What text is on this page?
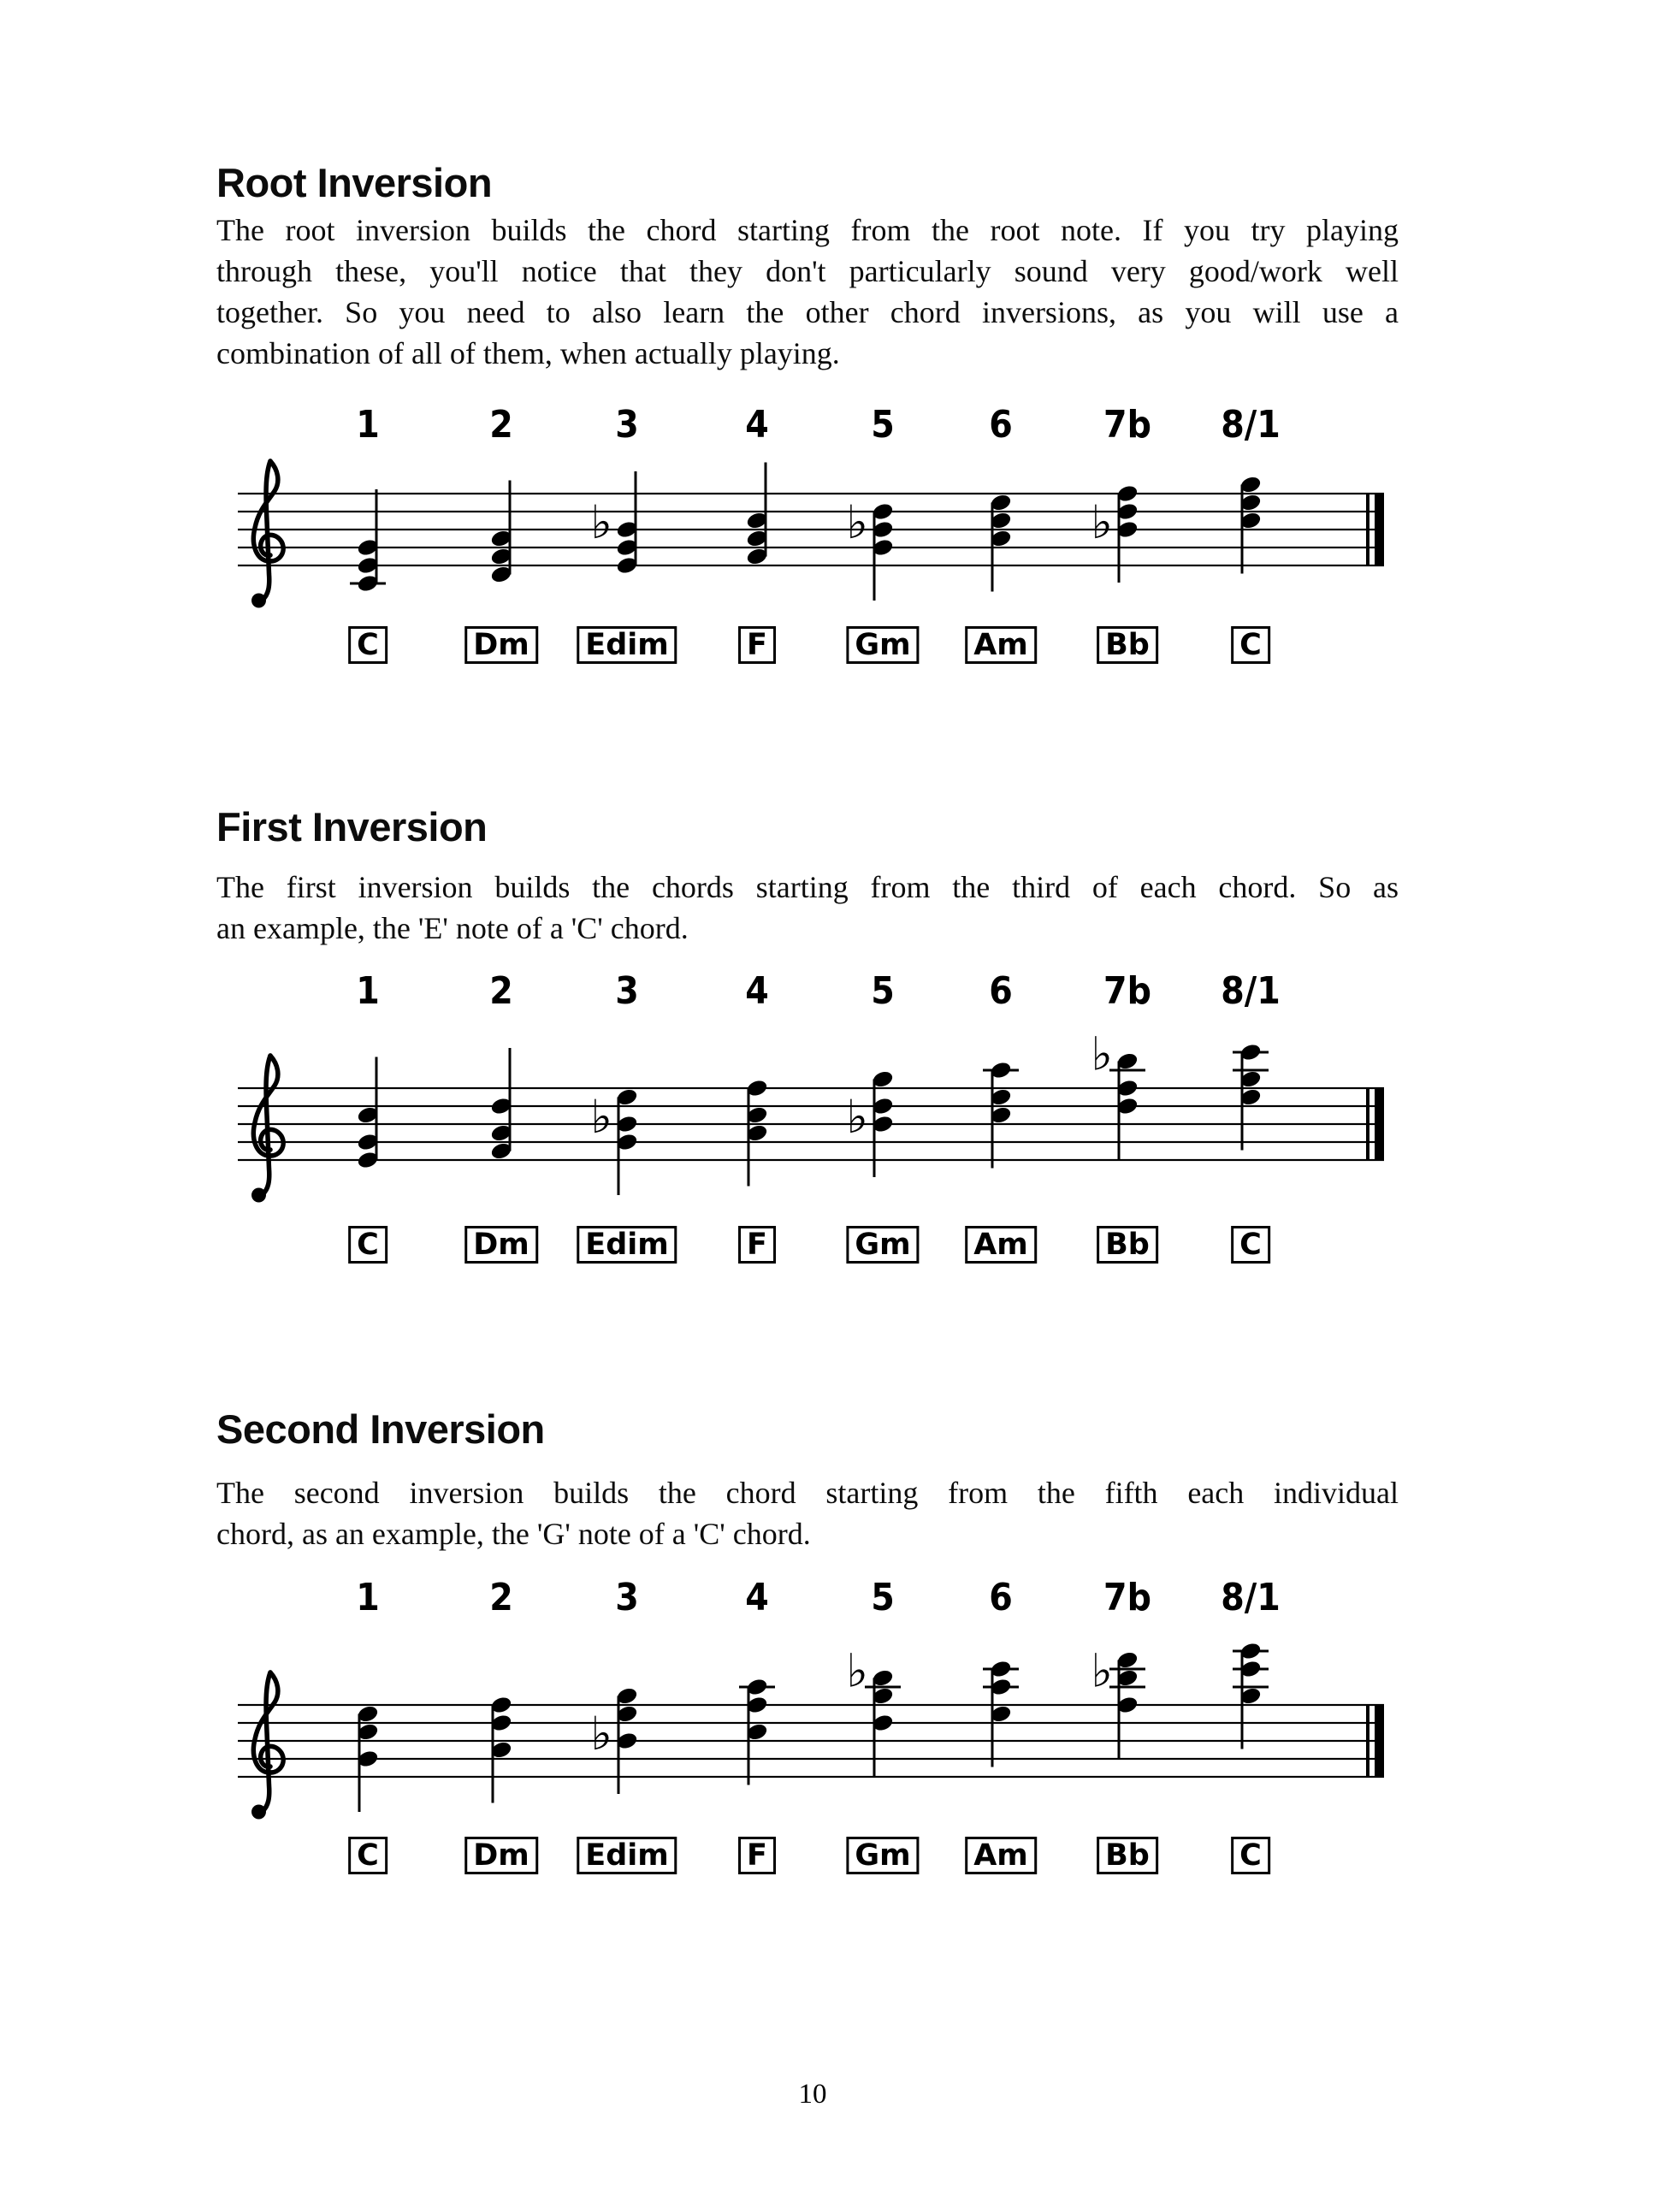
Root Inversion
The root inversion builds the chord starting from the root note. If you try playing
through these, you'll notice that they don't particularly sound very good/work well
together. So you need to also learn the other chord inversions, as you will use a
combination of all of them, when actually playing.
First Inversion
The first inversion builds the chords starting from the third of each chord. So as
an example, the 'E' note of a 'C' chord.
Second Inversion
The second inversion builds the chord starting from the fifth each individual
chord, as an example, the 'G' note of a 'C' chord.
♭	♭	♭
1	2	3	4	5	6 7b 8/1
C	Dm Edim	F	Gm Am	Bb	C
♭	♭
♭
1	2	3	4	5	6 7b 8/1
C	Dm Edim	F	Gm Am	Bb	C
♭
♭	♭
1	2	3	4	5	6 7b 8/1
C	Dm Edim	F	Gm Am	Bb	C
10
